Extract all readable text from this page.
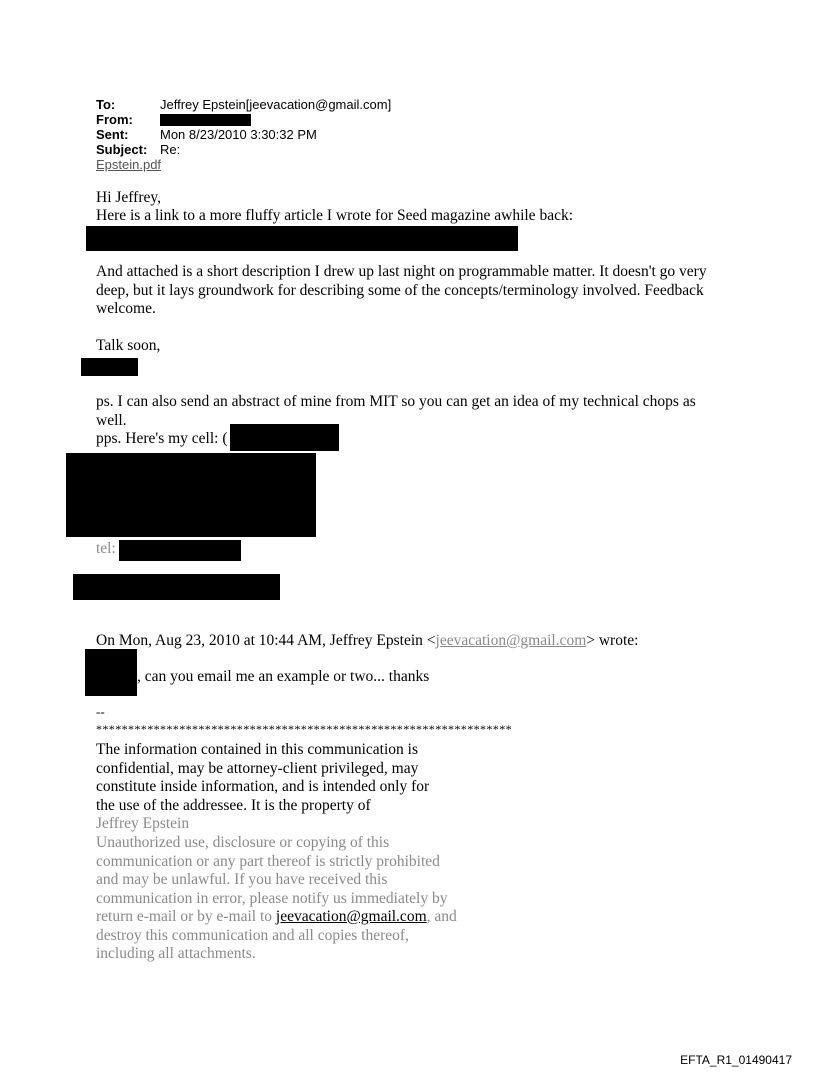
To:	Jeffrey Epstein[jeevacation@gmail.com]
From:
Sent: Mon 8/23/2010 3:30:32 PM
Subject: Re:
Epstein.pdf
Hi Jeffrey,
Here is a link to a more fluffy article I wrote for Seed magazine awhile back:
And attached is a short description I drew up last night on programmable matter. It doesn't go very deep, but it lays groundwork for describing some of the concepts/terminology involved. Feedback welcome.
Talk soon,
ps. I can also send an abstract of mine from MIT so you can get an idea of my technical chops as well.
pps. Here's my cell: (
tel:
On Mon, Aug 23, 2010 at 10:44 AM, Jeffrey Epstein <jeevacation@gmail.com> wrote:
, can you email me an example or two... thanks
--
*****************************************************************
The information contained in this communication is confidential, may be attorney-client privileged, may constitute inside information, and is intended only for the use of the addressee. It is the property of
Jeffrey Epstein
Unauthorized use, disclosure or copying of this communication or any part thereof is strictly prohibited and may be unlawful. If you have received this communication in error, please notify us immediately by return e-mail or by e-mail to jeevacation@gmail.com, and destroy this communication and all copies thereof, including all attachments.
EFTA_R1_01490417
